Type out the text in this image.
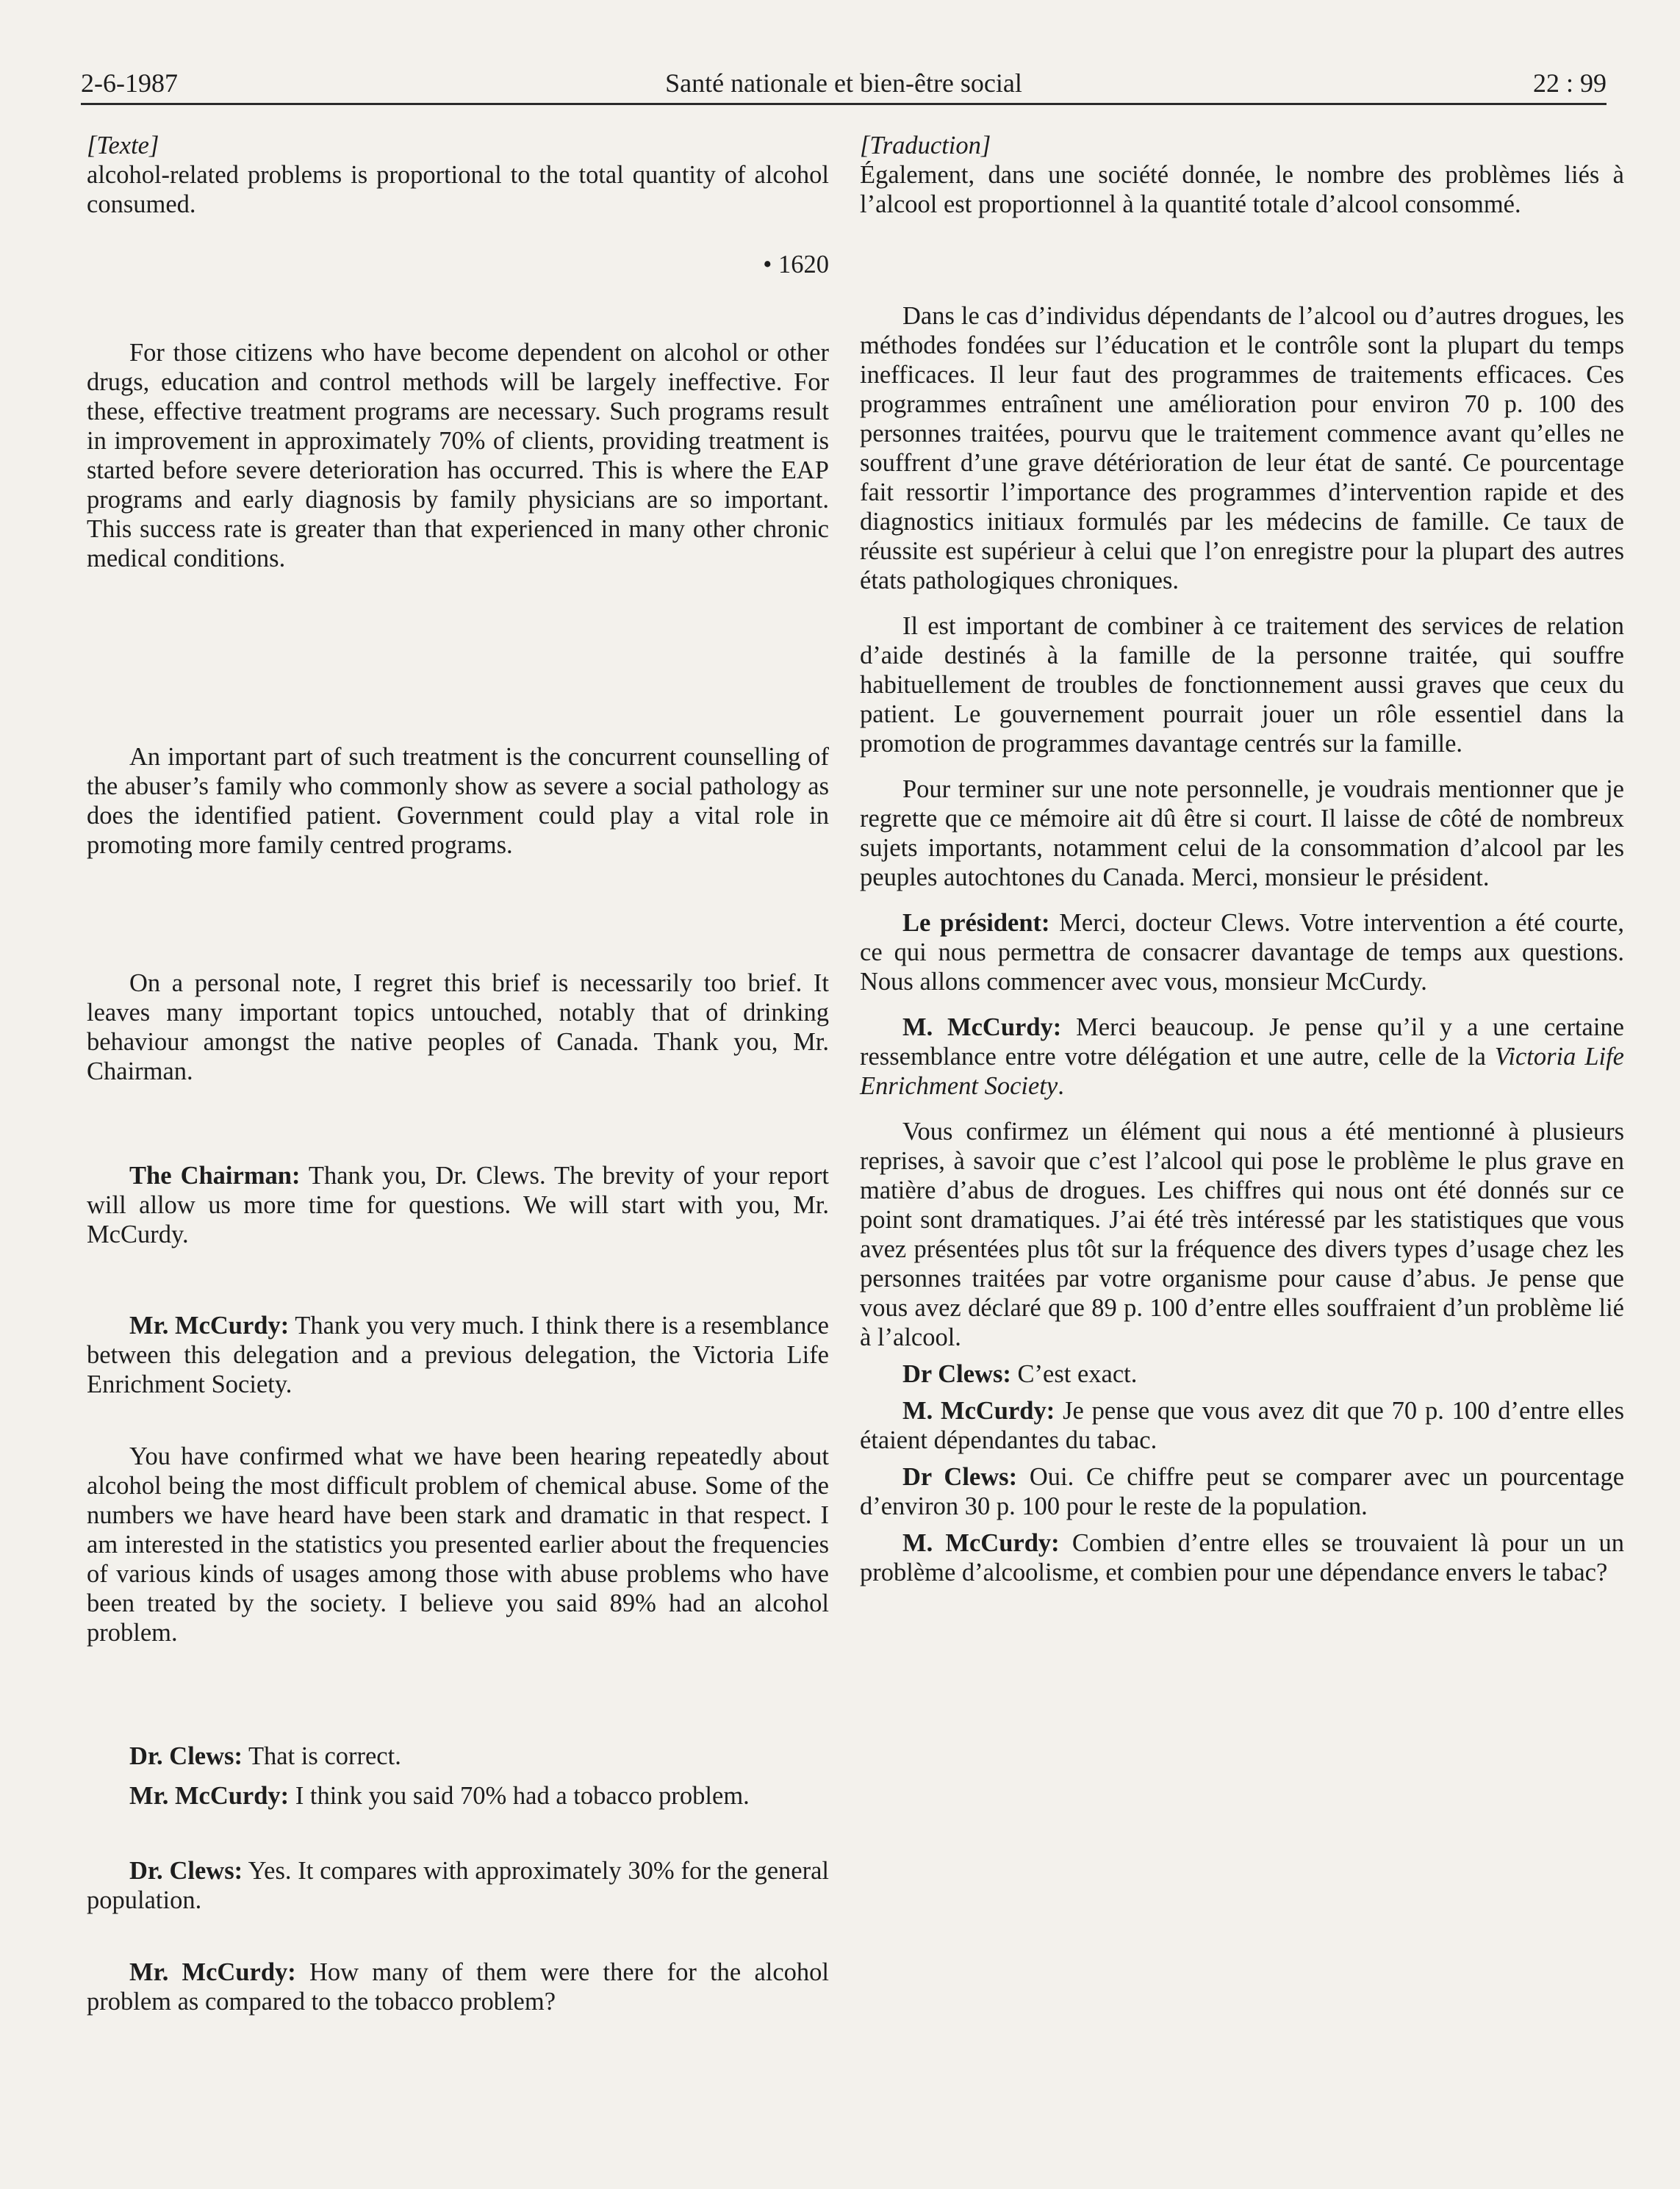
2-6-1987	Santé nationale et bien-être social	22 : 99
[Texte]

alcohol-related problems is proportional to the total quantity of alcohol consumed.

• 1620

For those citizens who have become dependent on alcohol or other drugs, education and control methods will be largely ineffective. For these, effective treatment programs are necessary. Such programs result in improvement in approximately 70% of clients, providing treatment is started before severe deterioration has occurred. This is where the EAP programs and early diagnosis by family physicians are so important. This success rate is greater than that experienced in many other chronic medical conditions.

An important part of such treatment is the concurrent counselling of the abuser’s family who commonly show as severe a social pathology as does the identified patient. Government could play a vital role in promoting more family centred programs.

On a personal note, I regret this brief is necessarily too brief. It leaves many important topics untouched, notably that of drinking behaviour amongst the native peoples of Canada. Thank you, Mr. Chairman.

The Chairman: Thank you, Dr. Clews. The brevity of your report will allow us more time for questions. We will start with you, Mr. McCurdy.

Mr. McCurdy: Thank you very much. I think there is a resemblance between this delegation and a previous delegation, the Victoria Life Enrichment Society.

You have confirmed what we have been hearing repeatedly about alcohol being the most difficult problem of chemical abuse. Some of the numbers we have heard have been stark and dramatic in that respect. I am interested in the statistics you presented earlier about the frequencies of various kinds of usages among those with abuse problems who have been treated by the society. I believe you said 89% had an alcohol problem.

Dr. Clews: That is correct.

Mr. McCurdy: I think you said 70% had a tobacco problem.

Dr. Clews: Yes. It compares with approximately 30% for the general population.

Mr. McCurdy: How many of them were there for the alcohol problem as compared to the tobacco problem?

[Traduction]

Également, dans une société donnée, le nombre des problèmes liés à l’alcool est proportionnel à la quantité totale d’alcool consommé.

Dans le cas d’individus dépendants de l’alcool ou d’autres drogues, les méthodes fondées sur l’éducation et le contrôle sont la plupart du temps inefficaces. Il leur faut des programmes de traitements efficaces. Ces programmes entraînent une amélioration pour environ 70 p. 100 des personnes traitées, pourvu que le traitement commence avant qu’elles ne souffrent d’une grave détérioration de leur état de santé. Ce pourcentage fait ressortir l’importance des programmes d’intervention rapide et des diagnostics initiaux formulés par les médecins de famille. Ce taux de réussite est supérieur à celui que l’on enregistre pour la plupart des autres états pathologiques chroniques.

Il est important de combiner à ce traitement des services de relation d’aide destinés à la famille de la personne traitée, qui souffre habituellement de troubles de fonctionnement aussi graves que ceux du patient. Le gouvernement pourrait jouer un rôle essentiel dans la promotion de programmes davantage centrés sur la famille.

Pour terminer sur une note personnelle, je voudrais mentionner que je regrette que ce mémoire ait dû être si court. Il laisse de côté de nombreux sujets importants, notamment celui de la consommation d’alcool par les peuples autochtones du Canada. Merci, monsieur le président.

Le président: Merci, docteur Clews. Votre intervention a été courte, ce qui nous permettra de consacrer davantage de temps aux questions. Nous allons commencer avec vous, monsieur McCurdy.

M. McCurdy: Merci beaucoup. Je pense qu’il y a une certaine ressemblance entre votre délégation et une autre, celle de la Victoria Life Enrichment Society.

Vous confirmez un élément qui nous a été mentionné à plusieurs reprises, à savoir que c’est l’alcool qui pose le problème le plus grave en matière d’abus de drogues. Les chiffres qui nous ont été donnés sur ce point sont dramatiques. J’ai été très intéressé par les statistiques que vous avez présentées plus tôt sur la fréquence des divers types d’usage chez les personnes traitées par votre organisme pour cause d’abus. Je pense que vous avez déclaré que 89 p. 100 d’entre elles souffraient d’un problème lié à l’alcool.

Dr Clews: C’est exact.

M. McCurdy: Je pense que vous avez dit que 70 p. 100 d’entre elles étaient dépendantes du tabac.

Dr Clews: Oui. Ce chiffre peut se comparer avec un pourcentage d’environ 30 p. 100 pour le reste de la population.

M. McCurdy: Combien d’entre elles se trouvaient là pour un un problème d’alcoolisme, et combien pour une dépendance envers le tabac?
